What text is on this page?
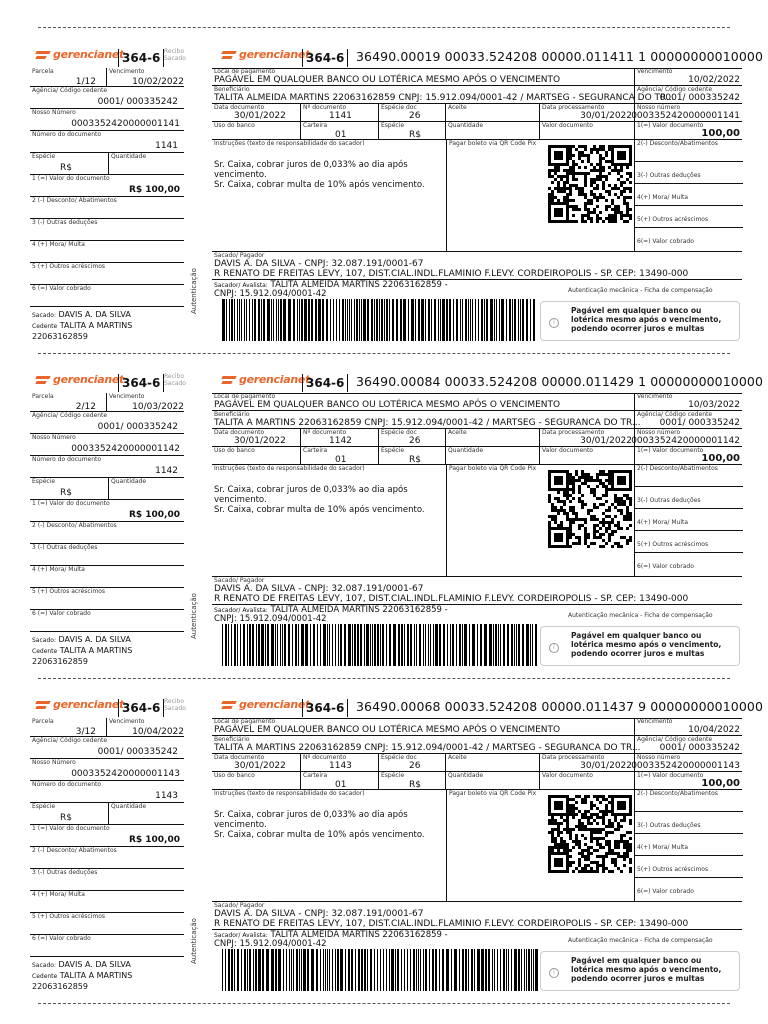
gerencianet
364-6 Recibo
Sacado
Parcela
1/12
Vencimento
10/02/2022
Agência/ Código cedente
0001/ 000335242
Nosso Número
0003352420000001141
Número do documento
1141
Espécie
R$
Quantidade
1 (=) Valor do documento
R$ 100,00
2 (-) Desconto/ Abatimentos
3 (-) Outras deduções
4 (+) Mora/ Multa
5 (+) Outros acréscimos
6 (=) Valor cobrado
Sacado: DAVIS A. DA SILVA
Cedente TALITA A MARTINS
22063162859
Autenticação
gerencianet
364-6 36490.00019 00033.524208 00000.011411 1 00000000010000
Local de pagamento
PAGÁVEL EM QUALQUER BANCO OU LOTÉRICA MESMO APÓS O VENCIMENTO
Vencimento
10/02/2022
Beneficiário
TALITA ALMEIDA MARTINS 22063162859 CNPJ: 15.912.094/0001-42 / MARTSEG - SEGURANCA DO TR...
Agência/ Código cedente
0001/ 000335242
Data documento
30/01/2022
Nº documento
1141
Espécie doc
26
Aceite	Data processamento
30/01/2022
Nosso número
0003352420000001141
Uso do banco	Carteira
01
Espécie
R$
Quantidade	Valor documento	1(=) Valor documento
100,00
Instruções (texto de responsabilidade do sacador)
Sr. Caixa, cobrar juros de 0,033% ao dia após vencimento.
Sr. Caixa, cobrar multa de 10% após vencimento.
Pagar boleto via QR Code Pix	2(-) Desconto/Abatimentos
3(-) Outras deduções
4(+) Mora/ Multa
5(+) Outros acréscimos
6(=) Valor cobrado
Sacado/ Pagador
DAVIS A. DA SILVA - CNPJ: 32.087.191/0001-67
R RENATO DE FREITAS LEVY, 107, DIST.CIAL.INDL.FLAMINIO F.LEVY. CORDEIROPOLIS - SP. CEP: 13490-000
Sacador/ Avalista: TALITA ALMEIDA MARTINS 22063162859 -
CNPJ: 15.912.094/0001-42	Autenticação mecânica - Ficha de compensação
i
Pagável em qualquer banco ou lotérica mesmo após o vencimento, podendo ocorrer juros e multas
gerencianet
364-6 Recibo
Sacado
Parcela
2/12
Vencimento
10/03/2022
Agência/ Código cedente
0001/ 000335242
Nosso Número
0003352420000001142
Número do documento
1142
Espécie
R$
Quantidade
1 (=) Valor do documento
R$ 100,00
2 (-) Desconto/ Abatimentos
3 (-) Outras deduções
4 (+) Mora/ Multa
5 (+) Outros acréscimos
6 (=) Valor cobrado
Sacado: DAVIS A. DA SILVA
Cedente TALITA A MARTINS
22063162859
Autenticação
gerencianet
364-6 36490.00084 00033.524208 00000.011429 1 00000000010000
Local de pagamento
PAGÁVEL EM QUALQUER BANCO OU LOTÉRICA MESMO APÓS O VENCIMENTO
Vencimento
10/03/2022
Beneficiário
TALITA A MARTINS 22063162859 CNPJ: 15.912.094/0001-42 / MARTSEG - SEGURANCA DO TR...
Agência/ Código cedente
0001/ 000335242
Data documento
30/01/2022
Nº documento
1142
Espécie doc
26
Aceite	Data processamento
30/01/2022
Nosso número
0003352420000001142
Uso do banco	Carteira
01
Espécie
R$
Quantidade	Valor documento	1(=) Valor documento
100,00
Instruções (texto de responsabilidade do sacador)
Sr. Caixa, cobrar juros de 0,033% ao dia após vencimento.
Sr. Caixa, cobrar multa de 10% após vencimento.
Pagar boleto via QR Code Pix	2(-) Desconto/Abatimentos
3(-) Outras deduções
4(+) Mora/ Multa
5(+) Outros acréscimos
6(=) Valor cobrado
Sacado/ Pagador
DAVIS A. DA SILVA - CNPJ: 32.087.191/0001-67
R RENATO DE FREITAS LEVY, 107, DIST.CIAL.INDL.FLAMINIO F.LEVY. CORDEIROPOLIS - SP. CEP: 13490-000
Sacador/ Avalista: TALITA ALMEIDA MARTINS 22063162859 -
CNPJ: 15.912.094/0001-42	Autenticação mecânica - Ficha de compensação
i
Pagável em qualquer banco ou lotérica mesmo após o vencimento, podendo ocorrer juros e multas
gerencianet
364-6 Recibo
Sacado
Parcela
3/12
Vencimento
10/04/2022
Agência/ Código cedente
0001/ 000335242
Nosso Número
0003352420000001143
Número do documento
1143
Espécie
R$
Quantidade
1 (=) Valor do documento
R$ 100,00
2 (-) Desconto/ Abatimentos
3 (-) Outras deduções
4 (+) Mora/ Multa
5 (+) Outros acréscimos
6 (=) Valor cobrado
Sacado: DAVIS A. DA SILVA
Cedente TALITA A MARTINS
22063162859
Autenticação
gerencianet
364-6 36490.00068 00033.524208 00000.011437 9 00000000010000
Local de pagamento
PAGÁVEL EM QUALQUER BANCO OU LOTÉRICA MESMO APÓS O VENCIMENTO
Vencimento
10/04/2022
Beneficiário
TALITA A MARTINS 22063162859 CNPJ: 15.912.094/0001-42 / MARTSEG - SEGURANCA DO TR...
Agência/ Código cedente
0001/ 000335242
Data documento
30/01/2022
Nº documento
1143
Espécie doc
26
Aceite	Data processamento
30/01/2022
Nosso número
0003352420000001143
Uso do banco	Carteira
01
Espécie
R$
Quantidade	Valor documento	1(=) Valor documento
100,00
Instruções (texto de responsabilidade do sacador)
Sr. Caixa, cobrar juros de 0,033% ao dia após vencimento.
Sr. Caixa, cobrar multa de 10% após vencimento.
Pagar boleto via QR Code Pix	2(-) Desconto/Abatimentos
3(-) Outras deduções
4(+) Mora/ Multa
5(+) Outros acréscimos
6(=) Valor cobrado
Sacado/ Pagador
DAVIS A. DA SILVA - CNPJ: 32.087.191/0001-67
R RENATO DE FREITAS LEVY, 107, DIST.CIAL.INDL.FLAMINIO F.LEVY. CORDEIROPOLIS - SP. CEP: 13490-000
Sacador/ Avalista: TALITA ALMEIDA MARTINS 22063162859 -
CNPJ: 15.912.094/0001-42	Autenticação mecânica - Ficha de compensação
i
Pagável em qualquer banco ou lotérica mesmo após o vencimento, podendo ocorrer juros e multas
